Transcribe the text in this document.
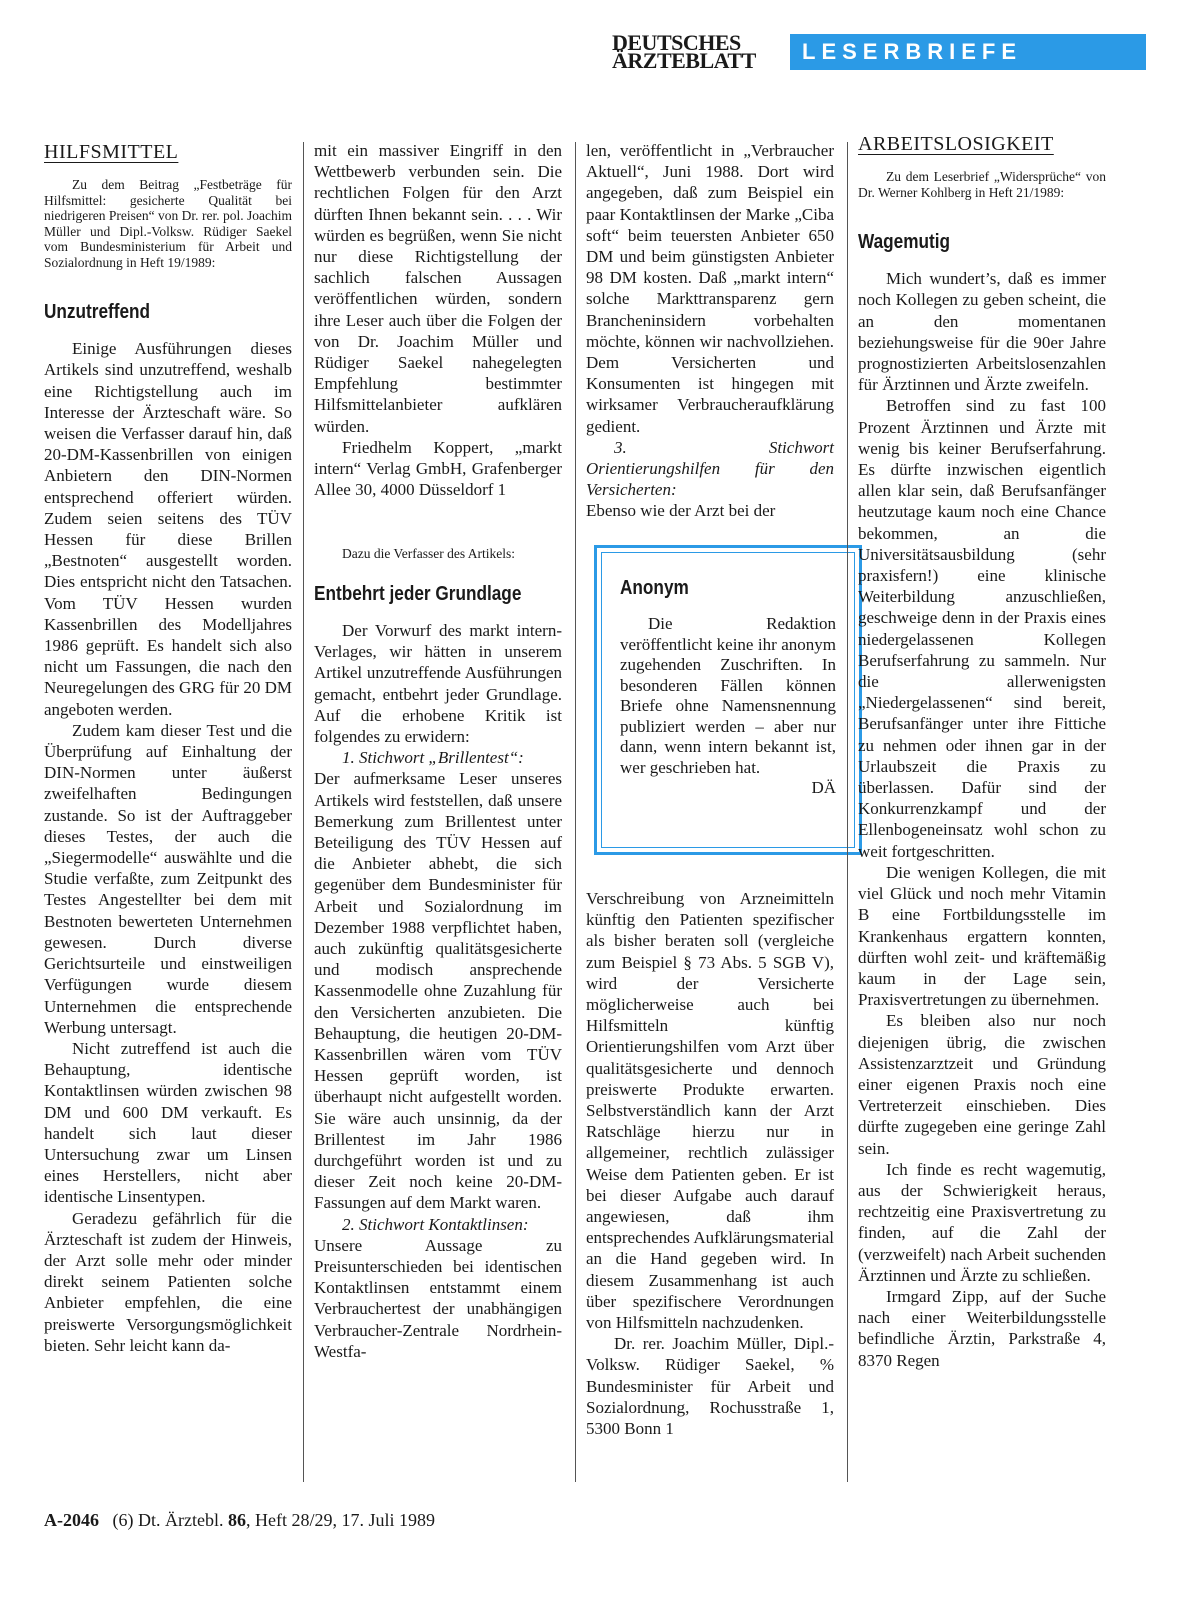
DEUTSCHES
ÄRZTEBLATT	LESERBRIEFE
HILFSMITTEL

Zu dem Beitrag „Festbeträge für Hilfsmittel: gesicherte Qualität bei niedrigeren Preisen“ von Dr. rer. pol. Joachim Müller und Dipl.-Volksw. Rüdiger Saekel vom Bundesministerium für Arbeit und Sozialordnung in Heft 19/1989:

Unzutreffend

Einige Ausführungen dieses Artikels sind unzutreffend, weshalb eine Richtigstellung auch im Interesse der Ärzteschaft wäre. So weisen die Verfasser darauf hin, daß 20-DM-Kassenbrillen von einigen Anbietern den DIN-Normen entsprechend offeriert würden. Zudem seien seitens des TÜV Hessen für diese Brillen „Bestnoten“ ausgestellt worden. Dies entspricht nicht den Tatsachen. Vom TÜV Hessen wurden Kassenbrillen des Modelljahres 1986 geprüft. Es handelt sich also nicht um Fassungen, die nach den Neuregelungen des GRG für 20 DM angeboten werden.

Zudem kam dieser Test und die Überprüfung auf Einhaltung der DIN-Normen unter äußerst zweifelhaften Bedingungen zustande. So ist der Auftraggeber dieses Testes, der auch die „Siegermodelle“ auswählte und die Studie verfaßte, zum Zeitpunkt des Testes Angestellter bei dem mit Bestnoten bewerteten Unternehmen gewesen. Durch diverse Gerichtsurteile und einstweiligen Verfügungen wurde diesem Unternehmen die entsprechende Werbung untersagt.

Nicht zutreffend ist auch die Behauptung, identische Kontaktlinsen würden zwischen 98 DM und 600 DM verkauft. Es handelt sich laut dieser Untersuchung zwar um Linsen eines Herstellers, nicht aber identische Linsentypen.

Geradezu gefährlich für die Ärzteschaft ist zudem der Hinweis, der Arzt solle mehr oder minder direkt seinem Patienten solche Anbieter empfehlen, die eine preiswerte Versorgungsmöglichkeit bieten. Sehr leicht kann da-

mit ein massiver Eingriff in den Wettbewerb verbunden sein. Die rechtlichen Folgen für den Arzt dürften Ihnen bekannt sein. . . . Wir würden es begrüßen, wenn Sie nicht nur diese Richtigstellung der sachlich falschen Aussagen veröffentlichen würden, sondern ihre Leser auch über die Folgen der von Dr. Joachim Müller und Rüdiger Saekel nahegelegten Empfehlung bestimmter Hilfsmittelanbieter aufklären würden.

Friedhelm Koppert, „markt intern“ Verlag GmbH, Grafenberger Allee 30, 4000 Düsseldorf 1

Dazu die Verfasser des Artikels:

Entbehrt jeder Grundlage

Der Vorwurf des markt intern-Verlages, wir hätten in unserem Artikel unzutreffende Ausführungen gemacht, entbehrt jeder Grundlage. Auf die erhobene Kritik ist folgendes zu erwidern:

1. Stichwort „Brillentest“:

Der aufmerksame Leser unseres Artikels wird feststellen, daß unsere Bemerkung zum Brillentest unter Beteiligung des TÜV Hessen auf die Anbieter abhebt, die sich gegenüber dem Bundesminister für Arbeit und Sozialordnung im Dezember 1988 verpflichtet haben, auch zukünftig qualitätsgesicherte und modisch ansprechende Kassenmodelle ohne Zuzahlung für den Versicherten anzubieten. Die Behauptung, die heutigen 20-DM-Kassenbrillen wären vom TÜV Hessen geprüft worden, ist überhaupt nicht aufgestellt worden. Sie wäre auch unsinnig, da der Brillentest im Jahr 1986 durchgeführt worden ist und zu dieser Zeit noch keine 20-DM-Fassungen auf dem Markt waren.

2. Stichwort Kontaktlinsen:

Unsere Aussage zu Preisunterschieden bei identischen Kontaktlinsen entstammt einem Verbrauchertest der unabhängigen Verbraucher-Zentrale Nordrhein-Westfa-

len, veröffentlicht in „Verbraucher Aktuell“, Juni 1988. Dort wird angegeben, daß zum Beispiel ein paar Kontaktlinsen der Marke „Ciba soft“ beim teuersten Anbieter 650 DM und beim günstigsten Anbieter 98 DM kosten. Daß „markt intern“ solche Markttransparenz gern Brancheninsidern vorbehalten möchte, können wir nachvollziehen. Dem Versicherten und Konsumenten ist hingegen mit wirksamer Verbraucheraufklärung gedient.

3. Stichwort Orientierungshilfen für den Versicherten:

Ebenso wie der Arzt bei der

Anonym

Die Redaktion veröffentlicht keine ihr anonym zugehenden Zuschriften. In besonderen Fällen können Briefe ohne Namensnennung publiziert werden – aber nur dann, wenn intern bekannt ist, wer geschrieben hat.

DÄ

Verschreibung von Arzneimitteln künftig den Patienten spezifischer als bisher beraten soll (vergleiche zum Beispiel § 73 Abs. 5 SGB V), wird der Versicherte möglicherweise auch bei Hilfsmitteln künftig Orientierungshilfen vom Arzt über qualitätsgesicherte und dennoch preiswerte Produkte erwarten. Selbstverständlich kann der Arzt Ratschläge hierzu nur in allgemeiner, rechtlich zulässiger Weise dem Patienten geben. Er ist bei dieser Aufgabe auch darauf angewiesen, daß ihm entsprechendes Aufklärungsmaterial an die Hand gegeben wird. In diesem Zusammenhang ist auch über spezifischere Verordnungen von Hilfsmitteln nachzudenken.

Dr. rer. Joachim Müller, Dipl.-Volksw. Rüdiger Saekel, % Bundesminister für Arbeit und Sozialordnung, Rochusstraße 1, 5300 Bonn 1

ARBEITSLOSIGKEIT

Zu dem Leserbrief „Widersprüche“ von Dr. Werner Kohlberg in Heft 21/1989:

Wagemutig

Mich wundert’s, daß es immer noch Kollegen zu geben scheint, die an den momentanen beziehungsweise für die 90er Jahre prognostizierten Arbeitslosenzahlen für Ärztinnen und Ärzte zweifeln.

Betroffen sind zu fast 100 Prozent Ärztinnen und Ärzte mit wenig bis keiner Berufserfahrung. Es dürfte inzwischen eigentlich allen klar sein, daß Berufsanfänger heutzutage kaum noch eine Chance bekommen, an die Universitätsausbildung (sehr praxisfern!) eine klinische Weiterbildung anzuschließen, geschweige denn in der Praxis eines niedergelassenen Kollegen Berufserfahrung zu sammeln. Nur die allerwenigsten „Niedergelassenen“ sind bereit, Berufsanfänger unter ihre Fittiche zu nehmen oder ihnen gar in der Urlaubszeit die Praxis zu überlassen. Dafür sind der Konkurrenzkampf und der Ellenbogeneinsatz wohl schon zu weit fortgeschritten.

Die wenigen Kollegen, die mit viel Glück und noch mehr Vitamin B eine Fortbildungsstelle im Krankenhaus ergattern konnten, dürften wohl zeit- und kräftemäßig kaum in der Lage sein, Praxisvertretungen zu übernehmen.

Es bleiben also nur noch diejenigen übrig, die zwischen Assistenzarztzeit und Gründung einer eigenen Praxis noch eine Vertreterzeit einschieben. Dies dürfte zugegeben eine geringe Zahl sein.

Ich finde es recht wagemutig, aus der Schwierigkeit heraus, rechtzeitig eine Praxisvertretung zu finden, auf die Zahl der (verzweifelt) nach Arbeit suchenden Ärztinnen und Ärzte zu schließen.

Irmgard Zipp, auf der Suche nach einer Weiterbildungsstelle befindliche Ärztin, Parkstraße 4, 8370 Regen

A-2046 (6) Dt. Ärztebl. 86, Heft 28/29, 17. Juli 1989
